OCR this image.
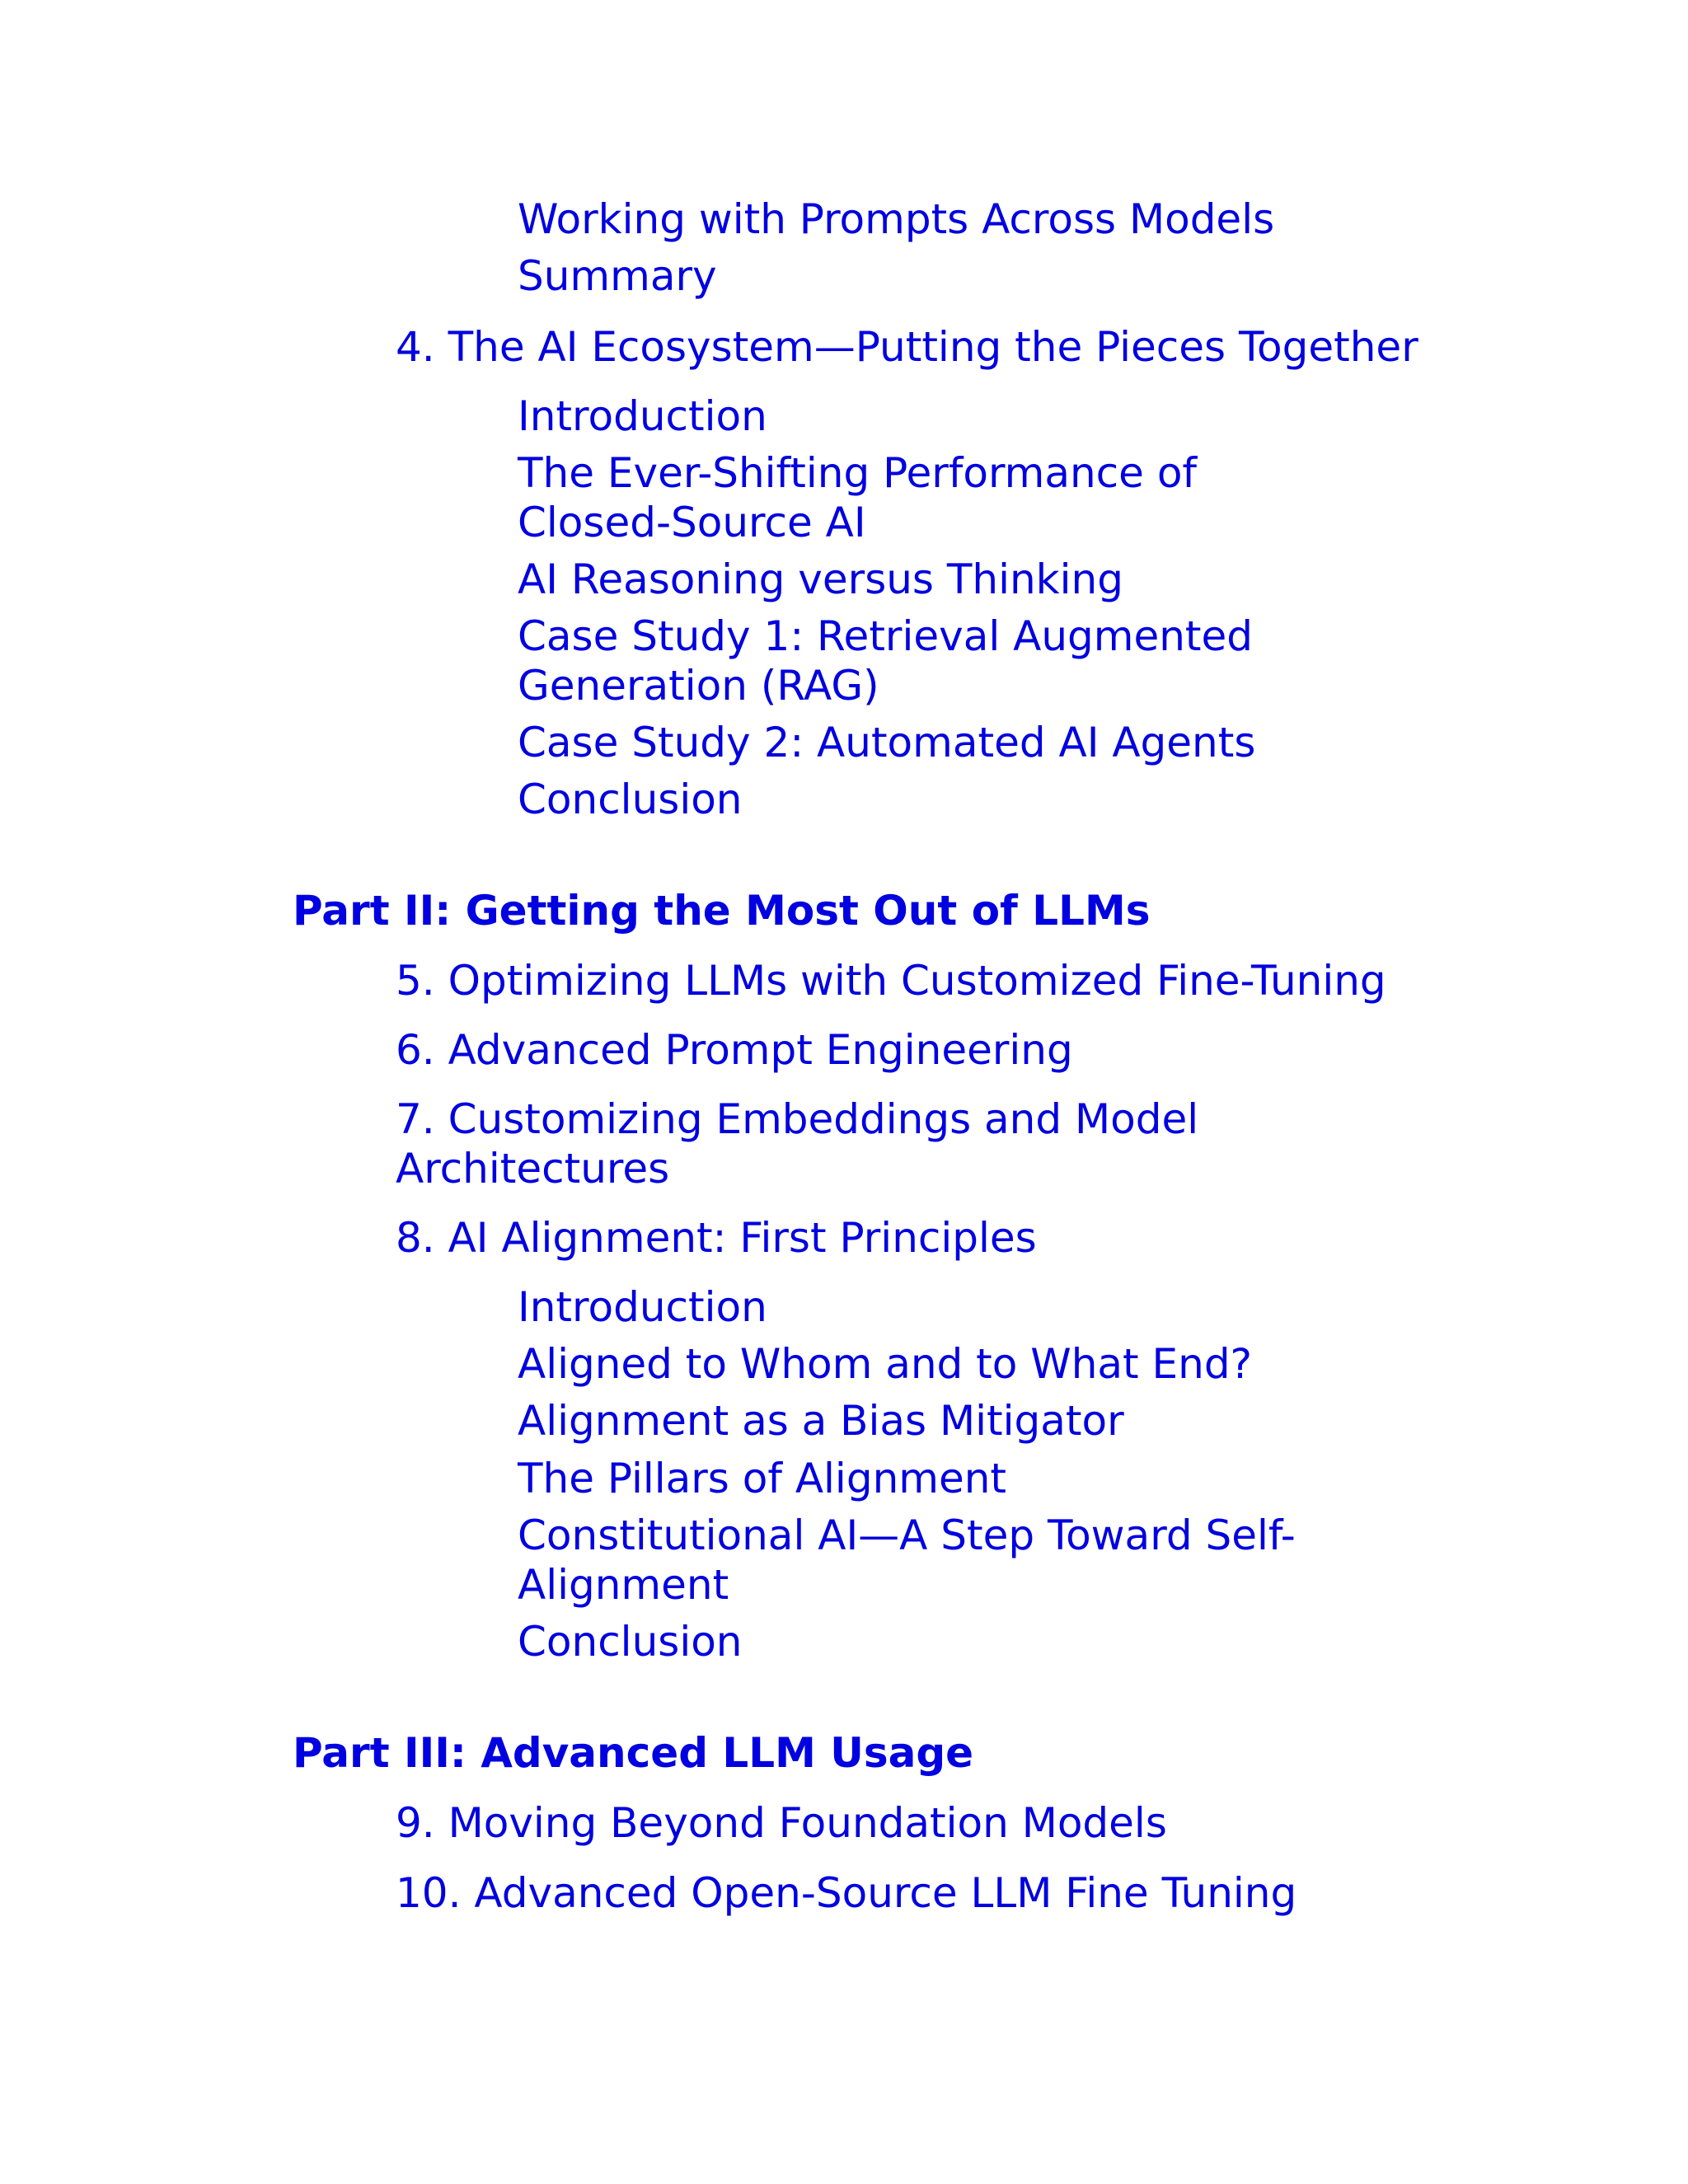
Working with Prompts Across Models
Summary
4. The AI Ecosystem—Putting the Pieces Together
Introduction
The Ever-Shifting Performance of Closed-Source AI
AI Reasoning versus Thinking
Case Study 1: Retrieval Augmented Generation (RAG)
Case Study 2: Automated AI Agents
Conclusion
Part II: Getting the Most Out of LLMs
5. Optimizing LLMs with Customized Fine-Tuning
6. Advanced Prompt Engineering
7. Customizing Embeddings and Model Architectures
8. AI Alignment: First Principles
Introduction
Aligned to Whom and to What End?
Alignment as a Bias Mitigator
The Pillars of Alignment
Constitutional AI—A Step Toward Self-Alignment
Conclusion
Part III: Advanced LLM Usage
9. Moving Beyond Foundation Models
10. Advanced Open-Source LLM Fine Tuning
